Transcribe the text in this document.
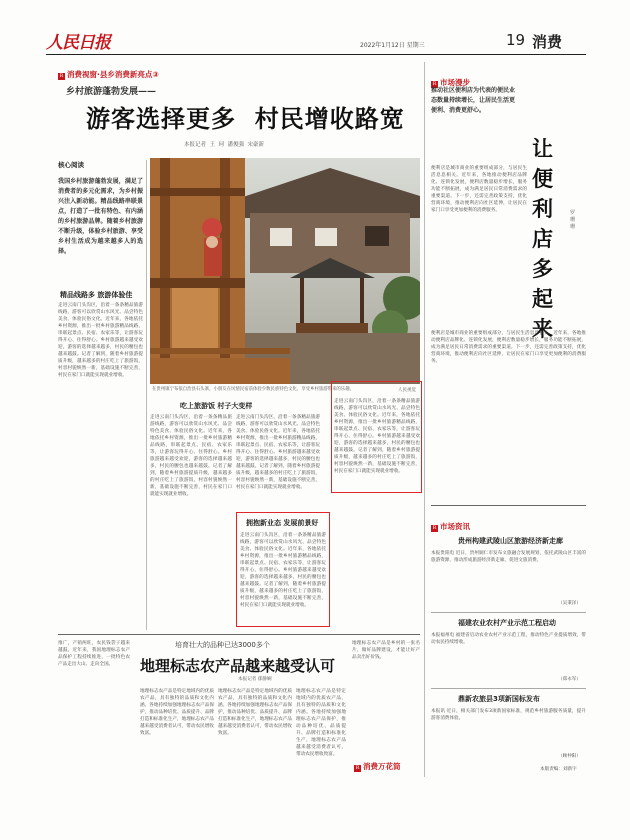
人民日报	2022年1月12日 星期三	19 消费
R 消费视窗·县乡消费新亮点③
乡村旅游蓬勃发展——
游客选择更多  村民增收路宽
本报记者  王  珂  潘俊强  宋豪新
核心阅读
我国乡村旅游蓬勃发展，满足了消费者的多元化需求，为乡村振兴注入新动能。精品线路串联景点，打造了一批有特色、有内涵的乡村旅游品牌。随着乡村旅游不断升级，体验乡村旅游、享受乡村生活成为越来越多人的选择。
精品线路多 旅游体验佳
走进云南门头沟区，沿着一条条精品旅游线路，游客可以欣赏山水风光、品尝特色美食、体验民俗文化。近年来，各地依托乡村资源，推出一批乡村旅游精品线路，串联起景点、民宿、农家乐等，让游客玩得开心、住得舒心。乡村旅游越来越受欢迎，游客的选择越来越多，村民的腰包也越来越鼓。记者了解到，随着乡村旅游提质升级，越来越多的村庄吃上了旅游饭，村容村貌焕然一新，基础设施不断完善，村民在家门口就能实现就业增收。
在贵州镇宁布依自治县石头寨，小朋友在风情民宿前体验少数民族特色文化，享受乡村旅游带来的乐趣。	人民视觉
吃上旅游饭 村子大变样
走进云南门头沟区，沿着一条条精品旅游线路，游客可以欣赏山水风光、品尝特色美食、体验民俗文化。近年来，各地依托乡村资源，推出一批乡村旅游精品线路，串联起景点、民宿、农家乐等，让游客玩得开心、住得舒心。乡村旅游越来越受欢迎，游客的选择越来越多，村民的腰包也越来越鼓。记者了解到，随着乡村旅游提质升级，越来越多的村庄吃上了旅游饭，村容村貌焕然一新，基础设施不断完善，村民在家门口就能实现就业增收。
走进云南门头沟区，沿着一条条精品旅游线路，游客可以欣赏山水风光、品尝特色美食、体验民俗文化。近年来，各地依托乡村资源，推出一批乡村旅游精品线路，串联起景点、民宿、农家乐等，让游客玩得开心、住得舒心。乡村旅游越来越受欢迎，游客的选择越来越多，村民的腰包也越来越鼓。记者了解到，随着乡村旅游提质升级，越来越多的村庄吃上了旅游饭，村容村貌焕然一新，基础设施不断完善，村民在家门口就能实现就业增收。
拥抱新业态 发展前景好
走进云南门头沟区，沿着一条条精品旅游线路，游客可以欣赏山水风光、品尝特色美食、体验民俗文化。近年来，各地依托乡村资源，推出一批乡村旅游精品线路，串联起景点、民宿、农家乐等，让游客玩得开心、住得舒心。乡村旅游越来越受欢迎，游客的选择越来越多，村民的腰包也越来越鼓。记者了解到，随着乡村旅游提质升级，越来越多的村庄吃上了旅游饭，村容村貌焕然一新，基础设施不断完善，村民在家门口就能实现就业增收。
走进云南门头沟区，沿着一条条精品旅游线路，游客可以欣赏山水风光、品尝特色美食、体验民俗文化。近年来，各地依托乡村资源，推出一批乡村旅游精品线路，串联起景点、民宿、农家乐等，让游客玩得开心、住得舒心。乡村旅游越来越受欢迎，游客的选择越来越多，村民的腰包也越来越鼓。记者了解到，随着乡村旅游提质升级，越来越多的村庄吃上了旅游饭，村容村貌焕然一新，基础设施不断完善，村民在家门口就能实现就业增收。
R 市场漫步
推动社区便利店为代表的便民业态数量持续增长，让居民生活更便利、消费更舒心。
让便利店多起来
罗珊珊
便利店是城市商业的重要组成部分，与居民生活息息相关。近年来，各地推动便利店品牌化、连锁化发展，便利店数量稳步增长，服务功能不断拓展，成为满足居民日常消费需求的重要渠道。下一步，还需完善政策支持，优化营商环境，推动便利店向社区延伸，让居民在家门口享受更加便利的消费服务。
便利店是城市商业的重要组成部分，与居民生活息息相关。近年来，各地推动便利店品牌化、连锁化发展，便利店数量稳步增长，服务功能不断拓展，成为满足居民日常消费需求的重要渠道。下一步，还需完善政策支持，优化营商环境，推动便利店向社区延伸，让居民在家门口享受更加便利的消费服务。
R 市场资讯
贵州构建武陵山区旅游经济新走廊
本报贵阳电 近日，贵州铜仁市发布文旅融合发展规划，依托武陵山区丰富的旅游资源，推动形成旅游经济新走廊，促进文旅消费。
（吴秉泽）
福建农业农村产业示范工程启动
本报福州电 福建省启动农业农村产业示范工程，推动特色产业提质增效，带动农民持续增收。
（郑永军）
鼎新农旅县3项新国标发布
本报讯 近日，相关部门发布3项新国家标准，规范乡村旅游服务质量，提升游客消费体验。
（顾仲阳）
本版责编：刘新宇
推广，产销两旺，农民钱袋子越来越鼓。近年来，我国地理标志农产品保护工程持续推进，一批特色农产品走出大山、走向全国。
培育壮大的品种已达3000多个
地理标志农产品越来越受认可
本报记者 郁静娴
地理标志农产品是特定地域内的优质农产品，具有独特的品质和文化内涵。各地持续加强地理标志农产品保护，推动品种培优、品质提升、品牌打造和标准化生产，地理标志农产品越来越受消费者认可，带动农民增收致富。
地理标志农产品是特定地域内的优质农产品，具有独特的品质和文化内涵。各地持续加强地理标志农产品保护，推动品种培优、品质提升、品牌打造和标准化生产，地理标志农产品越来越受消费者认可，带动农民增收致富。
地理标志农产品是特定地域内的优质农产品，具有独特的品质和文化内涵。各地持续加强地理标志农产品保护，推动品种培优、品质提升、品牌打造和标准化生产，地理标志农产品越来越受消费者认可，带动农民增收致富。
地理标志农产品是乡村的一张名片，做好品牌建设，才能让好产品卖出好价钱。
R 消费万花筒
